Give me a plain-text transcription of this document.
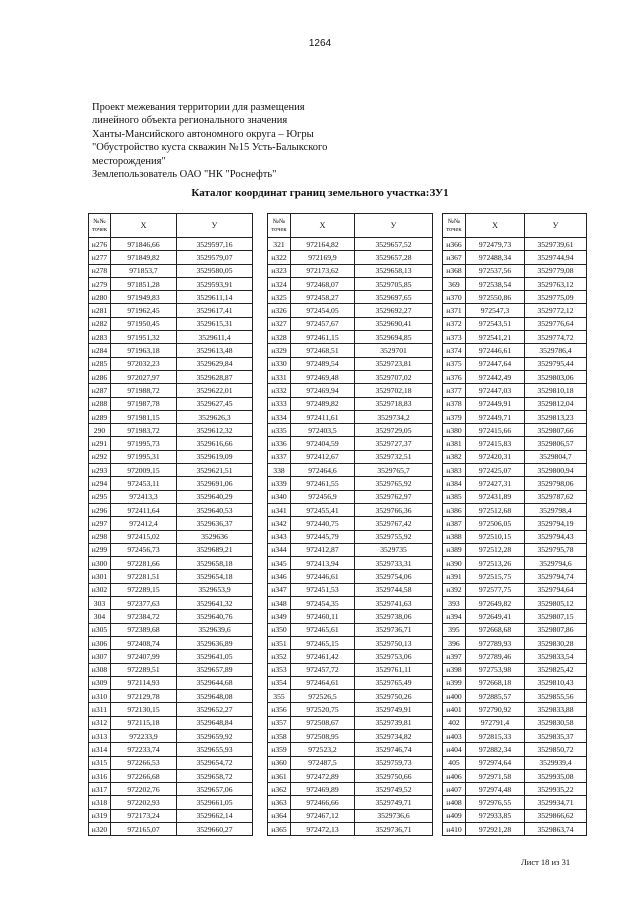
1264
Проект межевания территории для размещения
линейного объекта регионального значения
Ханты-Мансийского автономного округа – Югры
"Обустройство куста скважин №15 Усть-Балыкского
месторождения"
Землепользователь ОАО "НК "Роснефть"
Каталог координат границ земельного участка:ЗУ1
№№
точек	X	У
н276	971846,66	3529597,16
н277	971849,82	3529579,07
н278	971853,7	3529580,05
н279	971851,28	3529593,91
н280	971949,83	3529611,14
н281	971962,45	3529617,41
н282	971950,45	3529615,31
н283	971951,32	3529611,4
н284	971963,18	3529613,48
н285	972032,23	3529629,84
н286	972027,97	3529628,87
н287	971988,72	3529622,01
н288	971987,78	3529627,45
н289	971981,15	3529626,3
290	971983,72	3529612,32
н291	971995,73	3529616,66
н292	971995,31	3529619,09
н293	972009,15	3529621,51
н294	972453,11	3529691,06
н295	972413,3	3529640,29
н296	972411,64	3529640,53
н297	972412,4	3529636,37
н298	972415,02	3529636
н299	972456,73	3529689,21
н300	972281,66	3529658,18
н301	972281,51	3529654,18
н302	972289,15	3529653,9
303	972377,63	3529641,32
304	972384,72	3529640,76
н305	972389,68	3529639,6
н306	972408,74	3529636,89
н307	972407,99	3529641,05
н308	972289,51	3529657,89
н309	972114,93	3529644,68
н310	972129,78	3529648,08
н311	972130,15	3529652,27
н312	972115,18	3529648,84
н313	972233,9	3529659,92
н314	972233,74	3529655,93
н315	972266,53	3529654,72
н316	972266,68	3529658,72
н317	972202,76	3529657,06
н318	972202,93	3529661,05
н319	972173,24	3529662,14
н320	972165,07	3529660,27
№№
точек	X	У
321	972164,82	3529657,52
н322	972169,9	3529657,28
н323	972173,62	3529658,13
н324	972468,07	3529705,85
н325	972458,27	3529697,65
н326	972454,05	3529692,27
н327	972457,67	3529690,41
н328	972461,15	3529694,85
н329	972468,51	3529701
н330	972489,54	3529723,81
н331	972469,48	3529707,02
н332	972469,94	3529702,18
н333	972489,82	3529718,83
н334	972411,61	3529734,2
н335	972403,5	3529729,05
н336	972404,59	3529727,37
н337	972412,67	3529732,51
338	972464,6	3529765,7
н339	972461,55	3529765,92
н340	972456,9	3529762,97
н341	972455,41	3529766,36
н342	972440,75	3529767,42
н343	972445,79	3529755,92
н344	972412,87	3529735
н345	972413,94	3529733,31
н346	972446,61	3529754,06
н347	972451,53	3529744,58
н348	972454,35	3529741,63
н349	972460,11	3529738,06
н350	972465,61	3529736,71
н351	972465,15	3529750,13
н352	972461,42	3529753,06
н353	972457,72	3529761,11
н354	972464,61	3529765,49
355	972526,5	3529750,26
н356	972520,75	3529749,91
н357	972508,67	3529739,81
н358	972508,95	3529734,82
н359	972523,2	3529746,74
н360	972487,5	3529759,73
н361	972472,89	3529750,66
н362	972469,89	3529749,52
н363	972466,66	3529749,71
н364	972467,12	3529736,6
н365	972472,13	3529736,71
№№
точек	X	У
н366	972479,73	3529739,61
н367	972488,34	3529744,94
н368	972537,56	3529779,08
369	972538,54	3529763,12
н370	972550,86	3529775,09
н371	972547,3	3529772,12
н372	972543,51	3529776,64
н373	972541,21	3529774,72
н374	972446,61	3529786,4
н375	972447,64	3529795,44
н376	972442,49	3529803,06
н377	972447,03	3529810,18
н378	972449,91	3529812,04
н379	972449,71	3529813,23
н380	972415,66	3529807,66
н381	972415,83	3529806,57
н382	972420,31	3529804,7
н383	972425,07	3529800,94
н384	972427,31	3529798,06
н385	972431,89	3529787,62
н386	972512,68	3529798,4
н387	972506,05	3529794,19
н388	972510,15	3529794,43
н389	972512,28	3529795,78
н390	972513,26	3529794,6
н391	972515,75	3529794,74
н392	972577,75	3529794,64
393	972649,82	3529805,12
н394	972649,41	3529807,15
395	972668,68	3529807,86
396	972789,93	3529830,28
н397	972789,46	3529833,54
н398	972753,98	3529825,42
н399	972668,18	3529810,43
н400	972885,57	3529855,56
н401	972790,92	3529833,88
402	972791,4	3529830,58
н403	972815,33	3529835,37
н404	972882,34	3529850,72
405	972974,64	3529939,4
н406	972971,58	3529935,08
н407	972974,48	3529935,22
н408	972976,55	3529934,71
н409	972933,85	3529866,62
н410	972921,28	3529863,74
Лист 18 из 31
